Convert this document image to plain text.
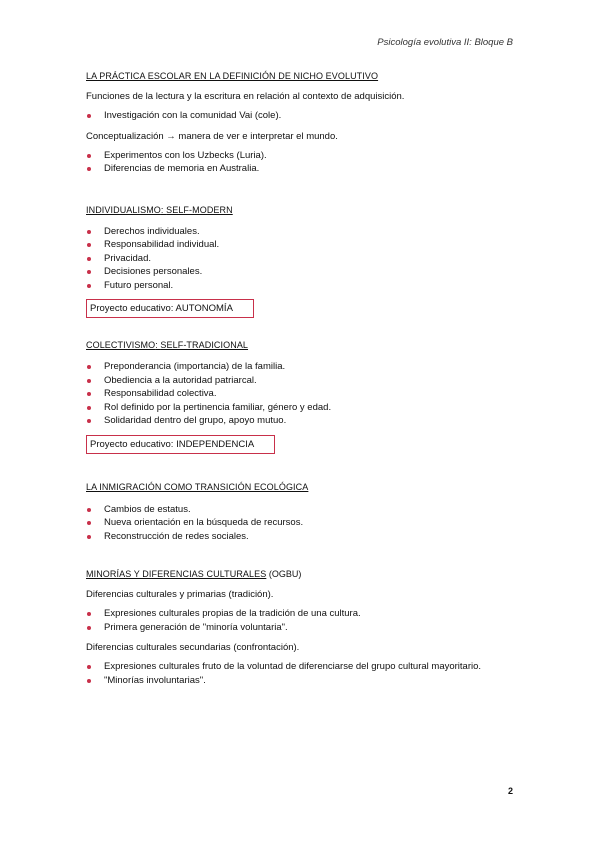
Psicología evolutiva II: Bloque B
LA PRÁCTICA ESCOLAR EN LA DEFINICIÓN DE NICHO EVOLUTIVO

Funciones de la lectura y la escritura en relación al contexto de adquisición.

Investigación con la comunidad Vai (cole).

Conceptualización → manera de ver e interpretar el mundo.

Experimentos con los Uzbecks (Luria).
Diferencias de memoria en Australia.
INDIVIDUALISMO: SELF-MODERN
Derechos individuales.
Responsabilidad individual.
Privacidad.
Decisiones personales.
Futuro personal.
Proyecto educativo: AUTONOMÍA
COLECTIVISMO: SELF-TRADICIONAL
Preponderancia (importancia) de la familia.
Obediencia a la autoridad patriarcal.
Responsabilidad colectiva.
Rol definido por la pertinencia familiar, género y edad.
Solidaridad dentro del grupo, apoyo mutuo.
Proyecto educativo: INDEPENDENCIA
LA INMIGRACIÓN COMO TRANSICIÓN ECOLÓGICA
Cambios de estatus.
Nueva orientación en la búsqueda de recursos.
Reconstrucción de redes sociales.
MINORÍAS Y DIFERENCIAS CULTURALES (OGBU)

Diferencias culturales y primarias (tradición).

Expresiones culturales propias de la tradición de una cultura.
Primera generación de "minoría voluntaria".

Diferencias culturales secundarias (confrontación).

Expresiones culturales fruto de la voluntad de diferenciarse del grupo cultural mayoritario.
"Minorías involuntarias".
2
